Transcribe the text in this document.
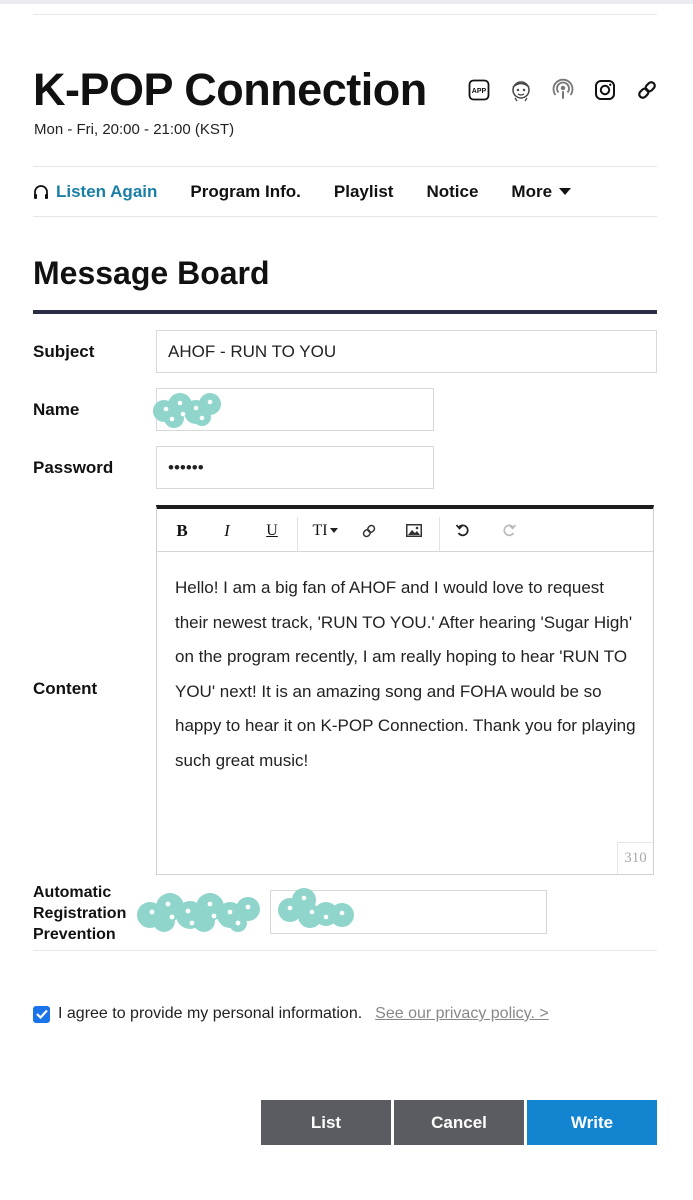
K-POP Connection
Mon - Fri, 20:00 - 21:00 (KST)
APP
Listen Again Program Info. Playlist Notice More
Message Board
Subject	AHOF - RUN TO YOU
Name
Password	••••••
Content
B	I	U	TI
Hello! I am a big fan of AHOF and I would love to request their newest track, 'RUN TO YOU.' After hearing 'Sugar High' on the program recently, I am really hoping to hear 'RUN TO YOU' next! It is an amazing song and FOHA would be so happy to hear it on K-POP Connection. Thank you for playing such great music!
310
Automatic
Registration
Prevention
I agree to provide my personal information. See our privacy policy. >
List	Cancel	Write
